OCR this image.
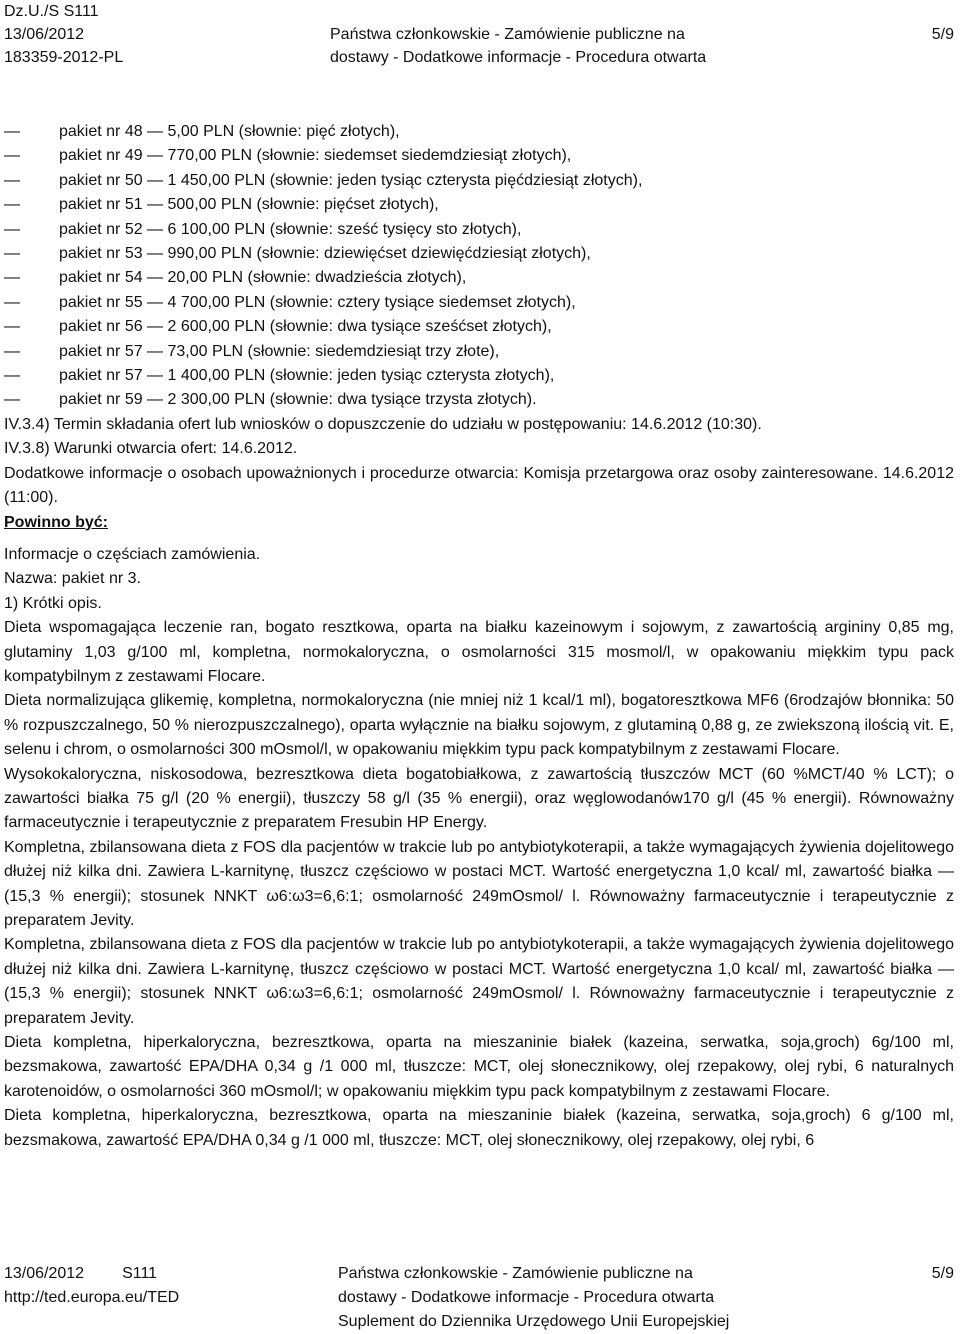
Dz.U./S S111
13/06/2012
183359-2012-PL
Państwa członkowskie - Zamówienie publiczne na
dostawy - Dodatkowe informacje - Procedura otwarta
5/9
—	pakiet nr 48 — 5,00 PLN (słownie: pięć złotych),
—	pakiet nr 49 — 770,00 PLN (słownie: siedemset siedemdziesiąt złotych),
—	pakiet nr 50 — 1 450,00 PLN (słownie: jeden tysiąc czterysta pięćdziesiąt złotych),
—	pakiet nr 51 — 500,00 PLN (słownie: pięćset złotych),
—	pakiet nr 52 — 6 100,00 PLN (słownie: sześć tysięcy sto złotych),
—	pakiet nr 53 — 990,00 PLN (słownie: dziewięćset dziewięćdziesiąt złotych),
—	pakiet nr 54 — 20,00 PLN (słownie: dwadzieścia złotych),
—	pakiet nr 55 — 4 700,00 PLN (słownie: cztery tysiące siedemset złotych),
—	pakiet nr 56 — 2 600,00 PLN (słownie: dwa tysiące sześćset złotych),
—	pakiet nr 57 — 73,00 PLN (słownie: siedemdziesiąt trzy złote),
—	pakiet nr 57 — 1 400,00 PLN (słownie: jeden tysiąc czterysta złotych),
—	pakiet nr 59 — 2 300,00 PLN (słownie: dwa tysiące trzysta złotych).
IV.3.4) Termin składania ofert lub wniosków o dopuszczenie do udziału w postępowaniu: 14.6.2012 (10:30).
IV.3.8) Warunki otwarcia ofert: 14.6.2012.
Dodatkowe informacje o osobach upoważnionych i procedurze otwarcia: Komisja przetargowa oraz osoby zainteresowane. 14.6.2012 (11:00).
Powinno być:
Informacje o częściach zamówienia.
Nazwa: pakiet nr 3.
1) Krótki opis.
Dieta wspomagająca leczenie ran, bogato resztkowa, oparta na białku kazeinowym i sojowym, z zawartością argininy 0,85 mg, glutaminy 1,03 g/100 ml, kompletna, normokaloryczna, o osmolarności 315 mosmol/l, w opakowaniu miękkim typu pack kompatybilnym z zestawami Flocare.
Dieta normalizująca glikemię, kompletna, normokaloryczna (nie mniej niż 1 kcal/1 ml), bogatoresztkowa MF6 (6rodzajów błonnika: 50 % rozpuszczalnego, 50 % nierozpuszczalnego), oparta wyłącznie na białku sojowym, z glutaminą 0,88 g, ze zwiekszoną ilością vit. E, selenu i chrom, o osmolarności 300 mOsmol/l, w opakowaniu miękkim typu pack kompatybilnym z zestawami Flocare.
Wysokokaloryczna, niskosodowa, bezresztkowa dieta bogatobiałkowa, z zawartością tłuszczów MCT (60 %MCT/40 % LCT); o zawartości białka 75 g/l (20 % energii), tłuszczy 58 g/l (35 % energii), oraz węglowodanów170 g/l (45 % energii). Równoważny farmaceutycznie i terapeutycznie z preparatem Fresubin HP Energy.
Kompletna, zbilansowana dieta z FOS dla pacjentów w trakcie lub po antybiotykoterapii, a także wymagających żywienia dojelitowego dłużej niż kilka dni. Zawiera L-karnitynę, tłuszcz częściowo w postaci MCT. Wartość energetyczna 1,0 kcal/ ml, zawartość białka — (15,3 % energii); stosunek NNKT ω6:ω3=6,6:1; osmolarność 249mOsmol/ l. Równoważny farmaceutycznie i terapeutycznie z preparatem Jevity.
Kompletna, zbilansowana dieta z FOS dla pacjentów w trakcie lub po antybiotykoterapii, a także wymagających żywienia dojelitowego dłużej niż kilka dni. Zawiera L-karnitynę, tłuszcz częściowo w postaci MCT. Wartość energetyczna 1,0 kcal/ ml, zawartość białka — (15,3 % energii); stosunek NNKT ω6:ω3=6,6:1; osmolarność 249mOsmol/ l. Równoważny farmaceutycznie i terapeutycznie z preparatem Jevity.
Dieta kompletna, hiperkaloryczna, bezresztkowa, oparta na mieszaninie białek (kazeina, serwatka, soja,groch) 6g/100 ml, bezsmakowa, zawartość EPA/DHA 0,34 g /1 000 ml, tłuszcze: MCT, olej słonecznikowy, olej rzepakowy, olej rybi, 6 naturalnych karotenoidów, o osmolarności 360 mOsmol/l; w opakowaniu miękkim typu pack kompatybilnym z zestawami Flocare.
Dieta kompletna, hiperkaloryczna, bezresztkowa, oparta na mieszaninie białek (kazeina, serwatka, soja,groch) 6 g/100 ml, bezsmakowa, zawartość EPA/DHA 0,34 g /1 000 ml, tłuszcze: MCT, olej słonecznikowy, olej rzepakowy, olej rybi, 6
13/06/2012 S111
http://ted.europa.eu/TED
Państwa członkowskie - Zamówienie publiczne na
dostawy - Dodatkowe informacje - Procedura otwarta
Suplement do Dziennika Urzędowego Unii Europejskiej
5/9
